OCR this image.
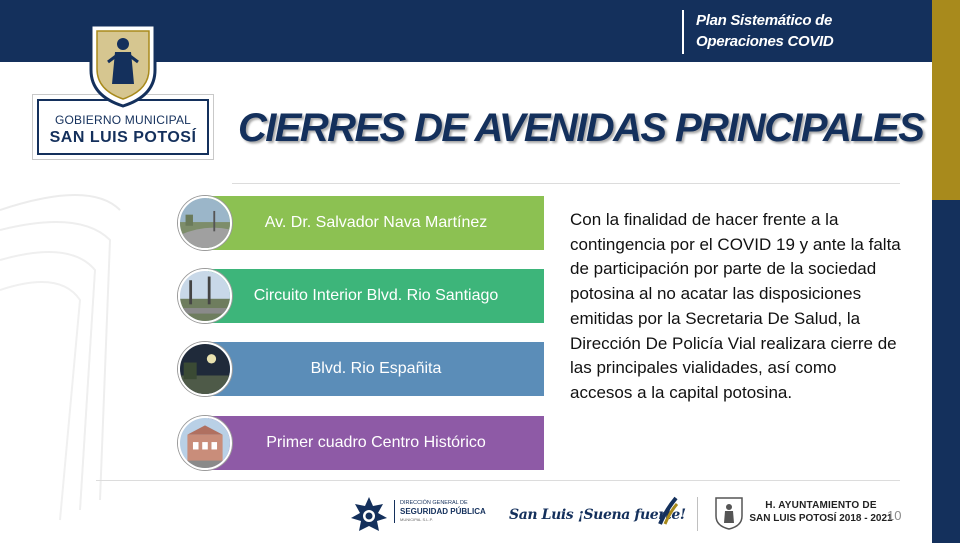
Plan Sistemático de
Operaciones COVID
GOBIERNO MUNICIPAL
SAN LUIS POTOSÍ CIERRES DE AVENIDAS PRINCIPALES
Av. Dr. Salvador Nava Martínez
Circuito Interior Blvd. Rio Santiago
Blvd. Rio Españita
Primer cuadro Centro Histórico
Con la finalidad de hacer frente a la contingencia por el COVID 19 y ante la falta de participación por parte de la sociedad potosina al no acatar las disposiciones emitidas por la Secretaria De Salud, la Dirección De Policía Vial realizara cierre de las principales vialidades, así como accesos a la capital potosina.
DIRECCIÓN GENERAL DE
SEGURIDAD PÚBLICA
MUNICIPAL S.L.P.	San Luis ¡Suena fuerte!
H. AYUNTAMIENTO DE
SAN LUIS POTOSÍ 2018 - 2021
10
